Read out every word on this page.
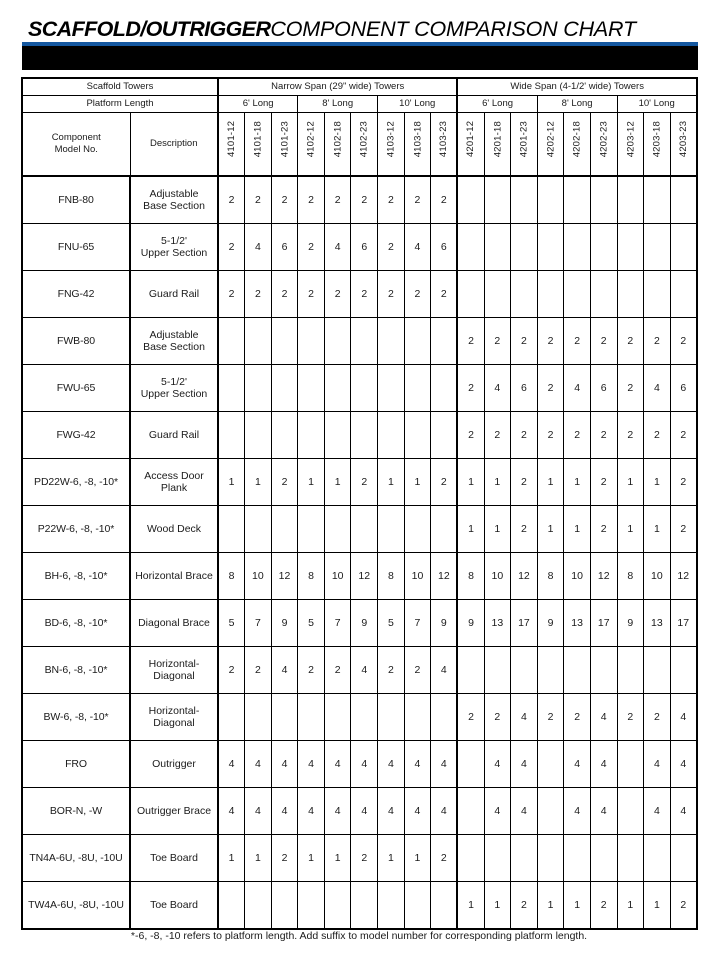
SCAFFOLD/OUTRIGGERCOMPONENT COMPARISON CHART
Scaffold Towers		Narrow Span (29" wide) Towers									Wide Span (4-1/2' wide) Towers								
Platform Length		6' Long			8' Long			10' Long			6' Long			8' Long			10' Long		
Component
Model No.	Description	4101-12	4101-18	4101-23	4102-12	4102-18	4102-23	4103-12	4103-18	4103-23	4201-12	4201-18	4201-23	4202-12	4202-18	4202-23	4203-12	4203-18	4203-23

FNB-80	Adjustable
Base Section	2	2	2	2	2	2	2	2	2									
FNU-65	5-1/2'
Upper Section	2	4	6	2	4	6	2	4	6									
FNG-42	Guard Rail	2	2	2	2	2	2	2	2	2									
FWB-80	Adjustable
Base Section										2	2	2	2	2	2	2	2	2
FWU-65	5-1/2'
Upper Section										2	4	6	2	4	6	2	4	6
FWG-42	Guard Rail										2	2	2	2	2	2	2	2	2
PD22W-6, -8, -10*	Access Door Plank	1	1	2	1	1	2	1	1	2	1	1	2	1	1	2	1	1	2
P22W-6, -8, -10*	Wood Deck										1	1	2	1	1	2	1	1	2
BH-6, -8, -10*	Horizontal Brace	8	10	12	8	10	12	8	10	12	8	10	12	8	10	12	8	10	12
BD-6, -8, -10*	Diagonal Brace	5	7	9	5	7	9	5	7	9	9	13	17	9	13	17	9	13	17
BN-6, -8, -10*	Horizontal-
Diagonal	2	2	4	2	2	4	2	2	4									
BW-6, -8, -10*	Horizontal-
Diagonal										2	2	4	2	2	4	2	2	4
FRO	Outrigger	4	4	4	4	4	4	4	4	4		4	4		4	4		4	4
BOR-N, -W	Outrigger Brace	4	4	4	4	4	4	4	4	4		4	4		4	4		4	4
TN4A-6U, -8U, -10U	Toe Board	1	1	2	1	1	2	1	1	2									
TW4A-6U, -8U, -10U	Toe Board										1	1	2	1	1	2	1	1	2
*-6, -8, -10 refers to platform length. Add suffix to model number for corresponding platform length.
